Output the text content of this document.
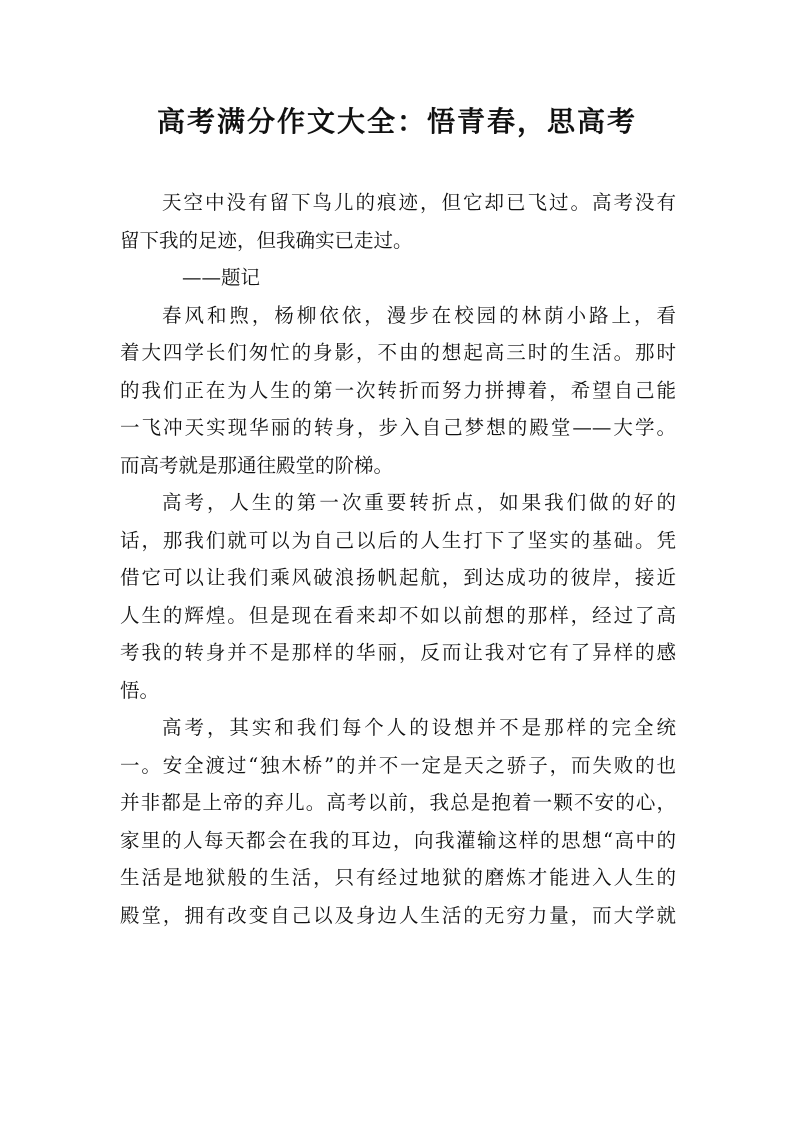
高考满分作文大全：悟青春，思高考
天空中没有留下鸟儿的痕迹，但它却已飞过。高考没有
留下我的足迹，但我确实已走过。
——题记
春风和煦，杨柳依依，漫步在校园的林荫小路上，看
着大四学长们匆忙的身影，不由的想起高三时的生活。那时
的我们正在为人生的第一次转折而努力拼搏着，希望自己能
一飞冲天实现华丽的转身，步入自己梦想的殿堂——大学。
而高考就是那通往殿堂的阶梯。
高考，人生的第一次重要转折点，如果我们做的好的
话，那我们就可以为自己以后的人生打下了坚实的基础。凭
借它可以让我们乘风破浪扬帆起航，到达成功的彼岸，接近
人生的辉煌。但是现在看来却不如以前想的那样，经过了高
考我的转身并不是那样的华丽，反而让我对它有了异样的感
悟。
高考，其实和我们每个人的设想并不是那样的完全统
一。安全渡过“独木桥”的并不一定是天之骄子，而失败的也
并非都是上帝的弃儿。高考以前，我总是抱着一颗不安的心，
家里的人每天都会在我的耳边，向我灌输这样的思想“高中的
生活是地狱般的生活，只有经过地狱的磨炼才能进入人生的
殿堂，拥有改变自己以及身边人生活的无穷力量，而大学就
